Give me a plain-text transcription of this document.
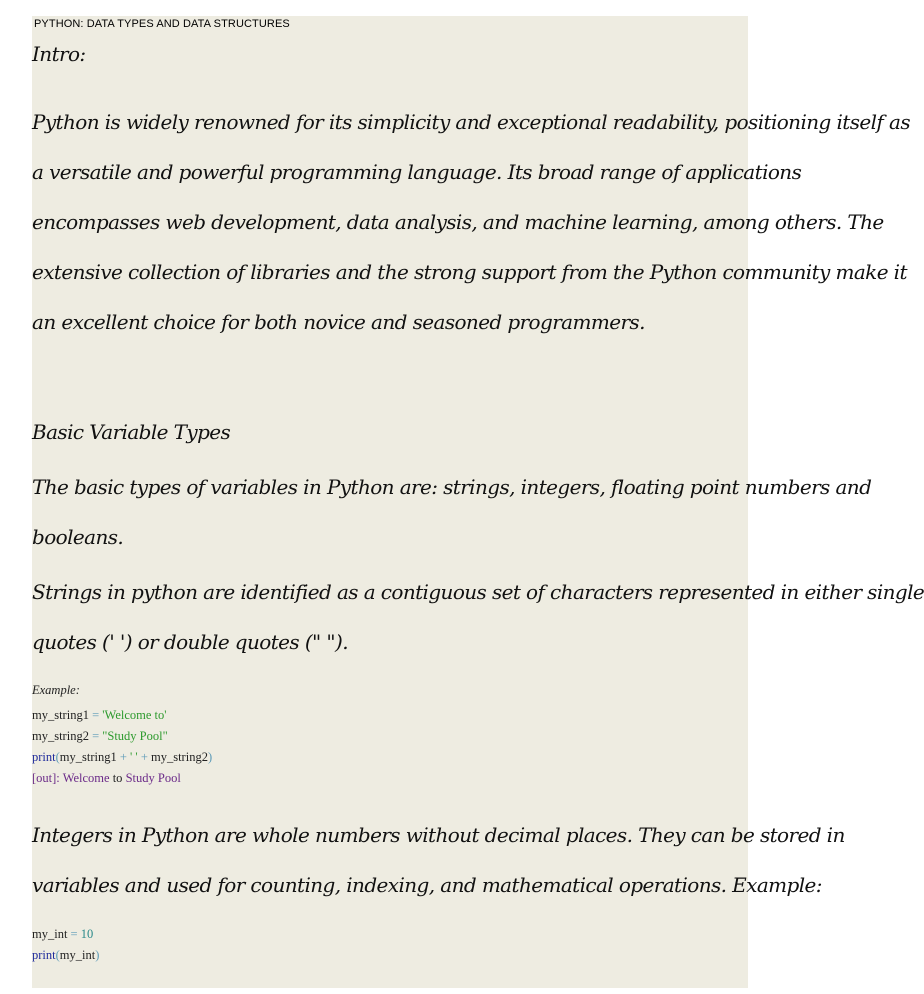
PYTHON: DATA TYPES AND DATA STRUCTURES
Intro:
Python is widely renowned for its simplicity and exceptional readability, positioning itself as
a versatile and powerful programming language. Its broad range of applications
encompasses web development, data analysis, and machine learning, among others. The
extensive collection of libraries and the strong support from the Python community make it
an excellent choice for both novice and seasoned programmers.
Basic Variable Types
The basic types of variables in Python are: strings, integers, floating point numbers and
booleans.
Strings in python are identified as a contiguous set of characters represented in either single
quotes (' ') or double quotes (" ").
Example:
my_string1 = 'Welcome to'
my_string2 = "Study Pool"
print(my_string1 + ' ' + my_string2)
[out]: Welcome to Study Pool
Integers in Python are whole numbers without decimal places. They can be stored in
variables and used for counting, indexing, and mathematical operations. Example:
my_int = 10
print(my_int)
